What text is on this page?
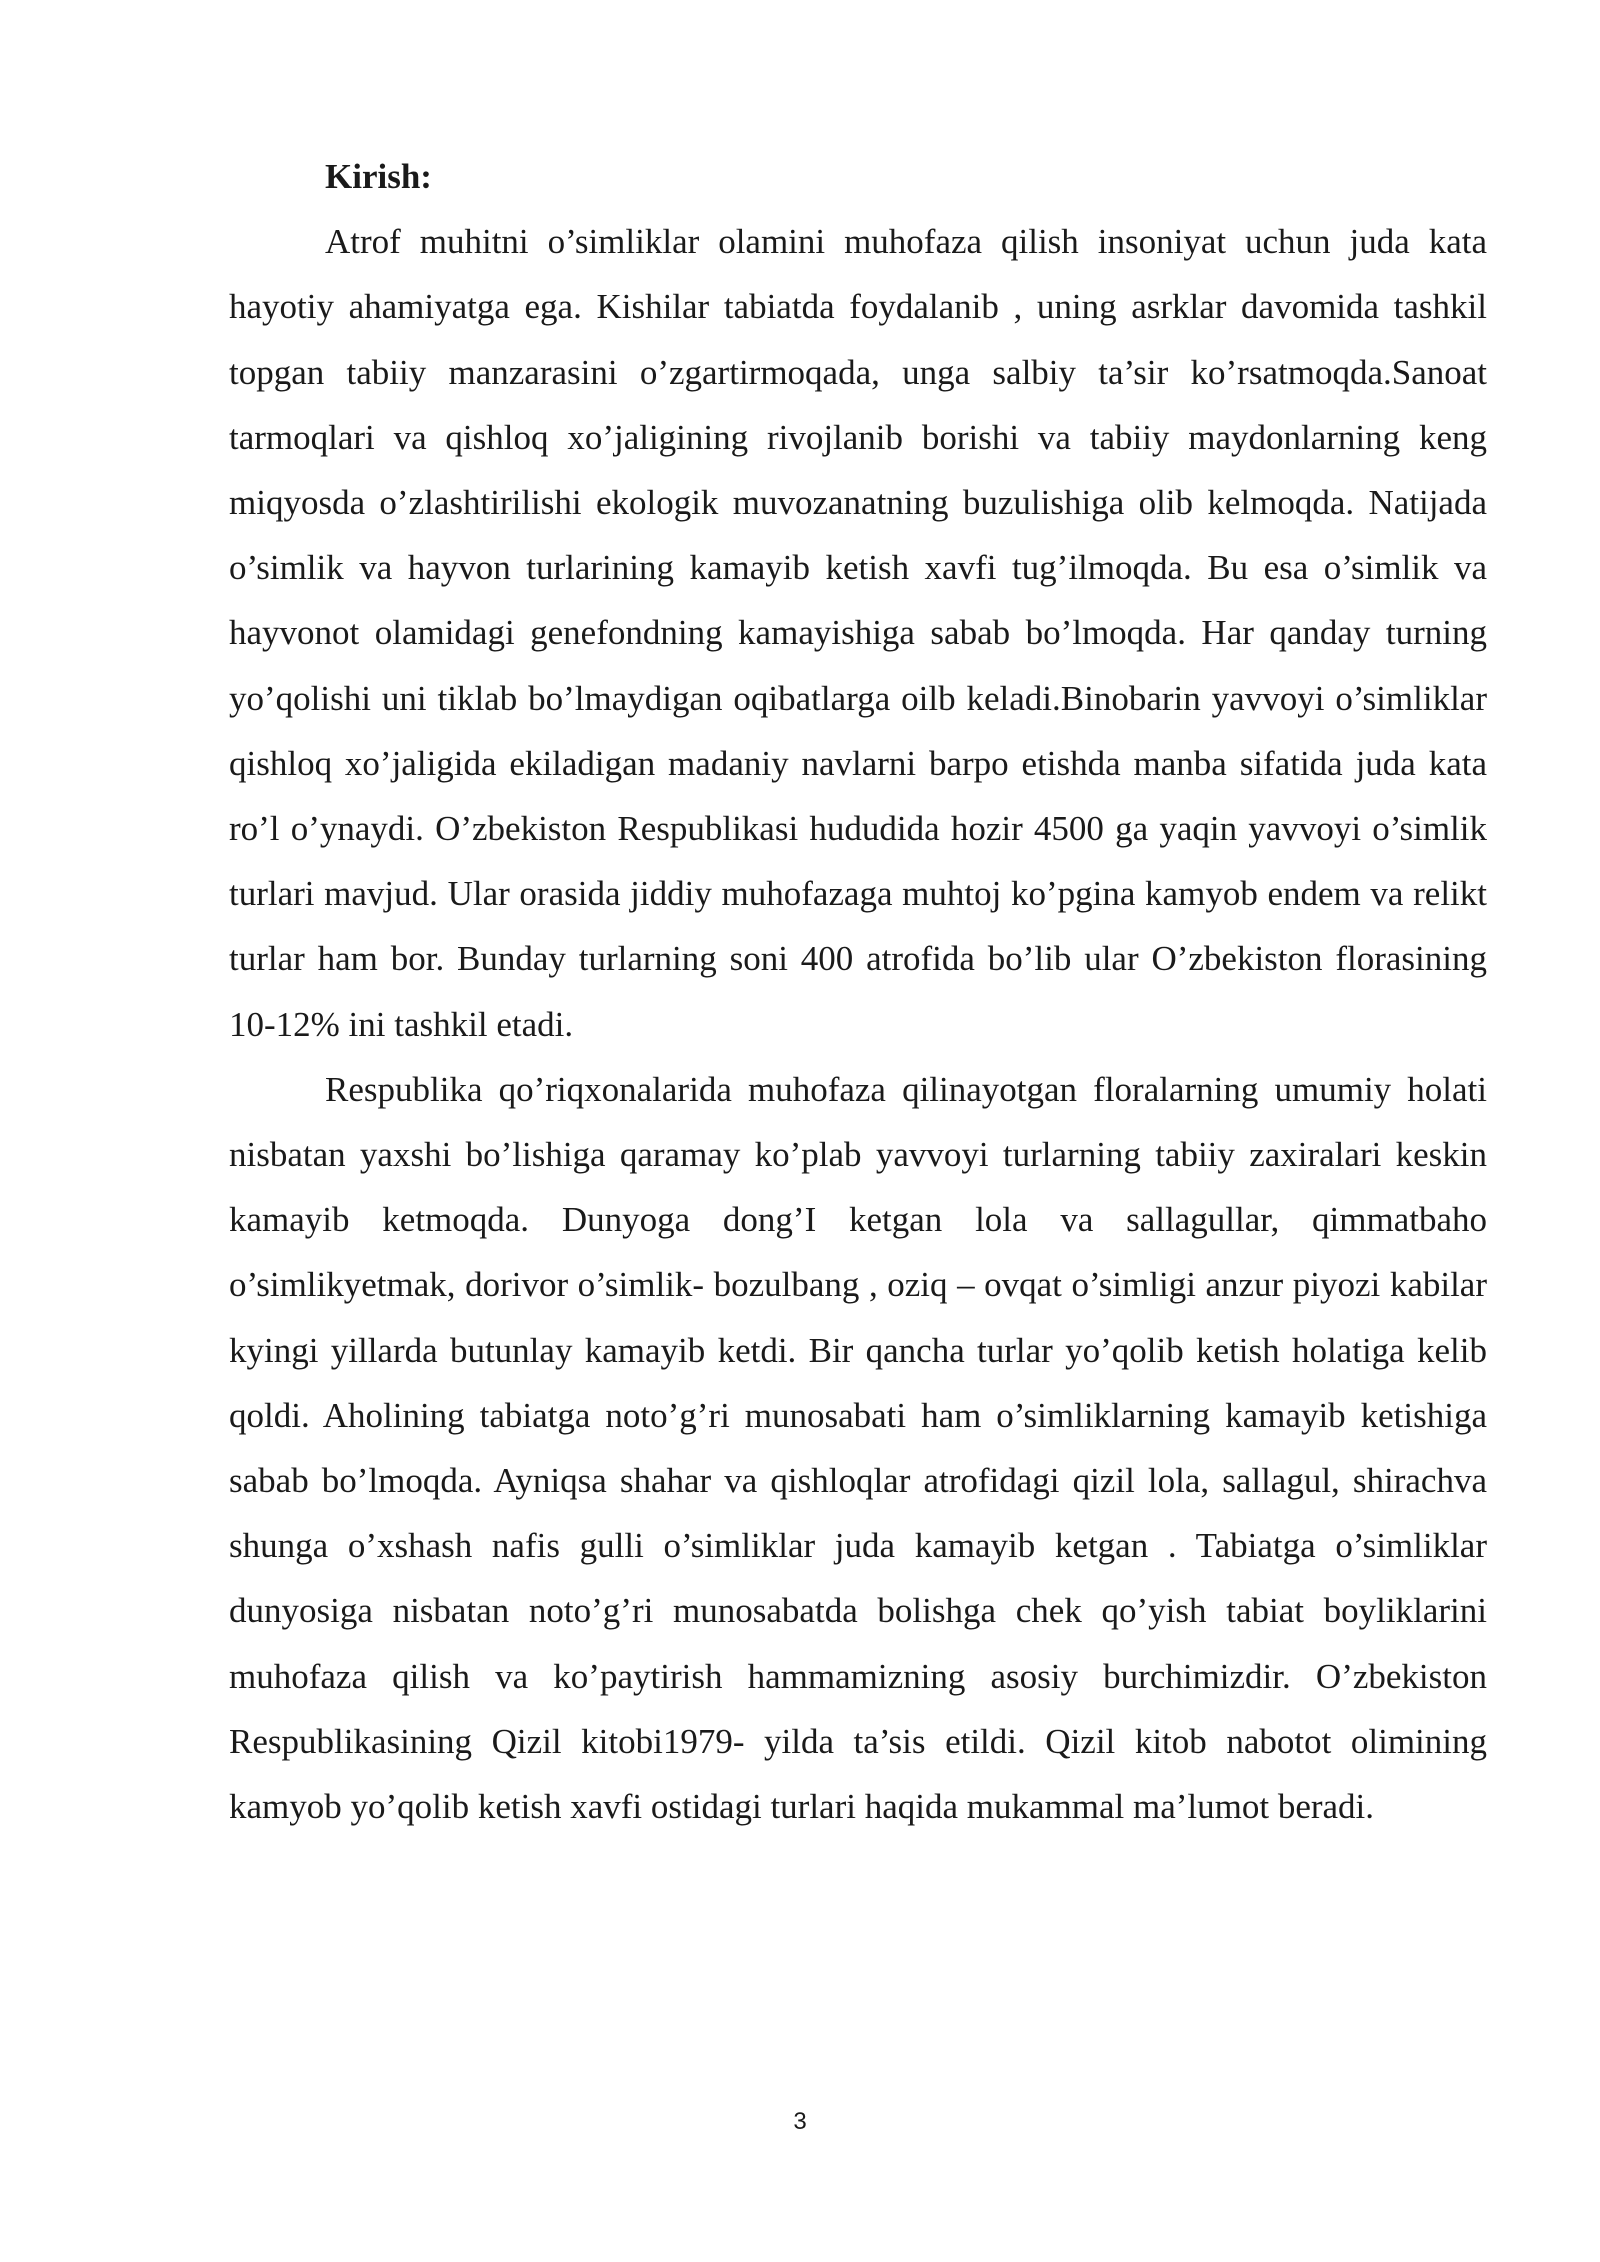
Kirish:

Atrof muhitni o’simliklar olamini muhofaza qilish insoniyat uchun juda kata hayotiy ahamiyatga ega. Kishilar tabiatda foydalanib , uning asrklar davomida tashkil topgan tabiiy manzarasini o’zgartirmoqada, unga salbiy ta’sir ko’rsatmoqda.Sanoat tarmoqlari va qishloq xo’jaligining rivojlanib borishi va tabiiy maydonlarning keng miqyosda o’zlashtirilishi ekologik muvozanatning buzulishiga olib kelmoqda. Natijada o’simlik va hayvon turlarining kamayib ketish xavfi tug’ilmoqda. Bu esa o’simlik va hayvonot olamidagi genefondning kamayishiga sabab bo’lmoqda. Har qanday turning yo’qolishi uni tiklab bo’lmaydigan oqibatlarga oilb keladi.Binobarin yavvoyi o’simliklar qishloq xo’jaligida ekiladigan madaniy navlarni barpo etishda manba sifatida juda kata ro’l o’ynaydi. O’zbekiston Respublikasi hududida hozir 4500 ga yaqin yavvoyi o’simlik turlari mavjud. Ular orasida jiddiy muhofazaga muhtoj ko’pgina kamyob endem va relikt turlar ham bor. Bunday turlarning soni 400 atrofida bo’lib ular O’zbekiston florasining 10-12% ini tashkil etadi.

Respublika qo’riqxonalarida muhofaza qilinayotgan floralarning umumiy holati nisbatan yaxshi bo’lishiga qaramay ko’plab yavvoyi turlarning tabiiy zaxiralari keskin kamayib ketmoqda. Dunyoga dong’I ketgan lola va sallagullar, qimmatbaho o’simlikyetmak, dorivor o’simlik- bozulbang , oziq – ovqat o’simligi anzur piyozi kabilar kyingi yillarda butunlay kamayib ketdi. Bir qancha turlar yo’qolib ketish holatiga kelib qoldi. Aholining tabiatga noto’g’ri munosabati ham o’simliklarning kamayib ketishiga sabab bo’lmoqda. Ayniqsa shahar va qishloqlar atrofidagi qizil lola, sallagul, shirachva shunga o’xshash nafis gulli o’simliklar juda kamayib ketgan . Tabiatga o’simliklar dunyosiga nisbatan noto’g’ri munosabatda bolishga chek qo’yish tabiat boyliklarini muhofaza qilish va ko’paytirish hammamizning asosiy burchimizdir. O’zbekiston Respublikasining Qizil kitobi1979- yilda ta’sis etildi. Qizil kitob nabotot olimining kamyob yo’qolib ketish xavfi ostidagi turlari haqida mukammal ma’lumot beradi.

3
